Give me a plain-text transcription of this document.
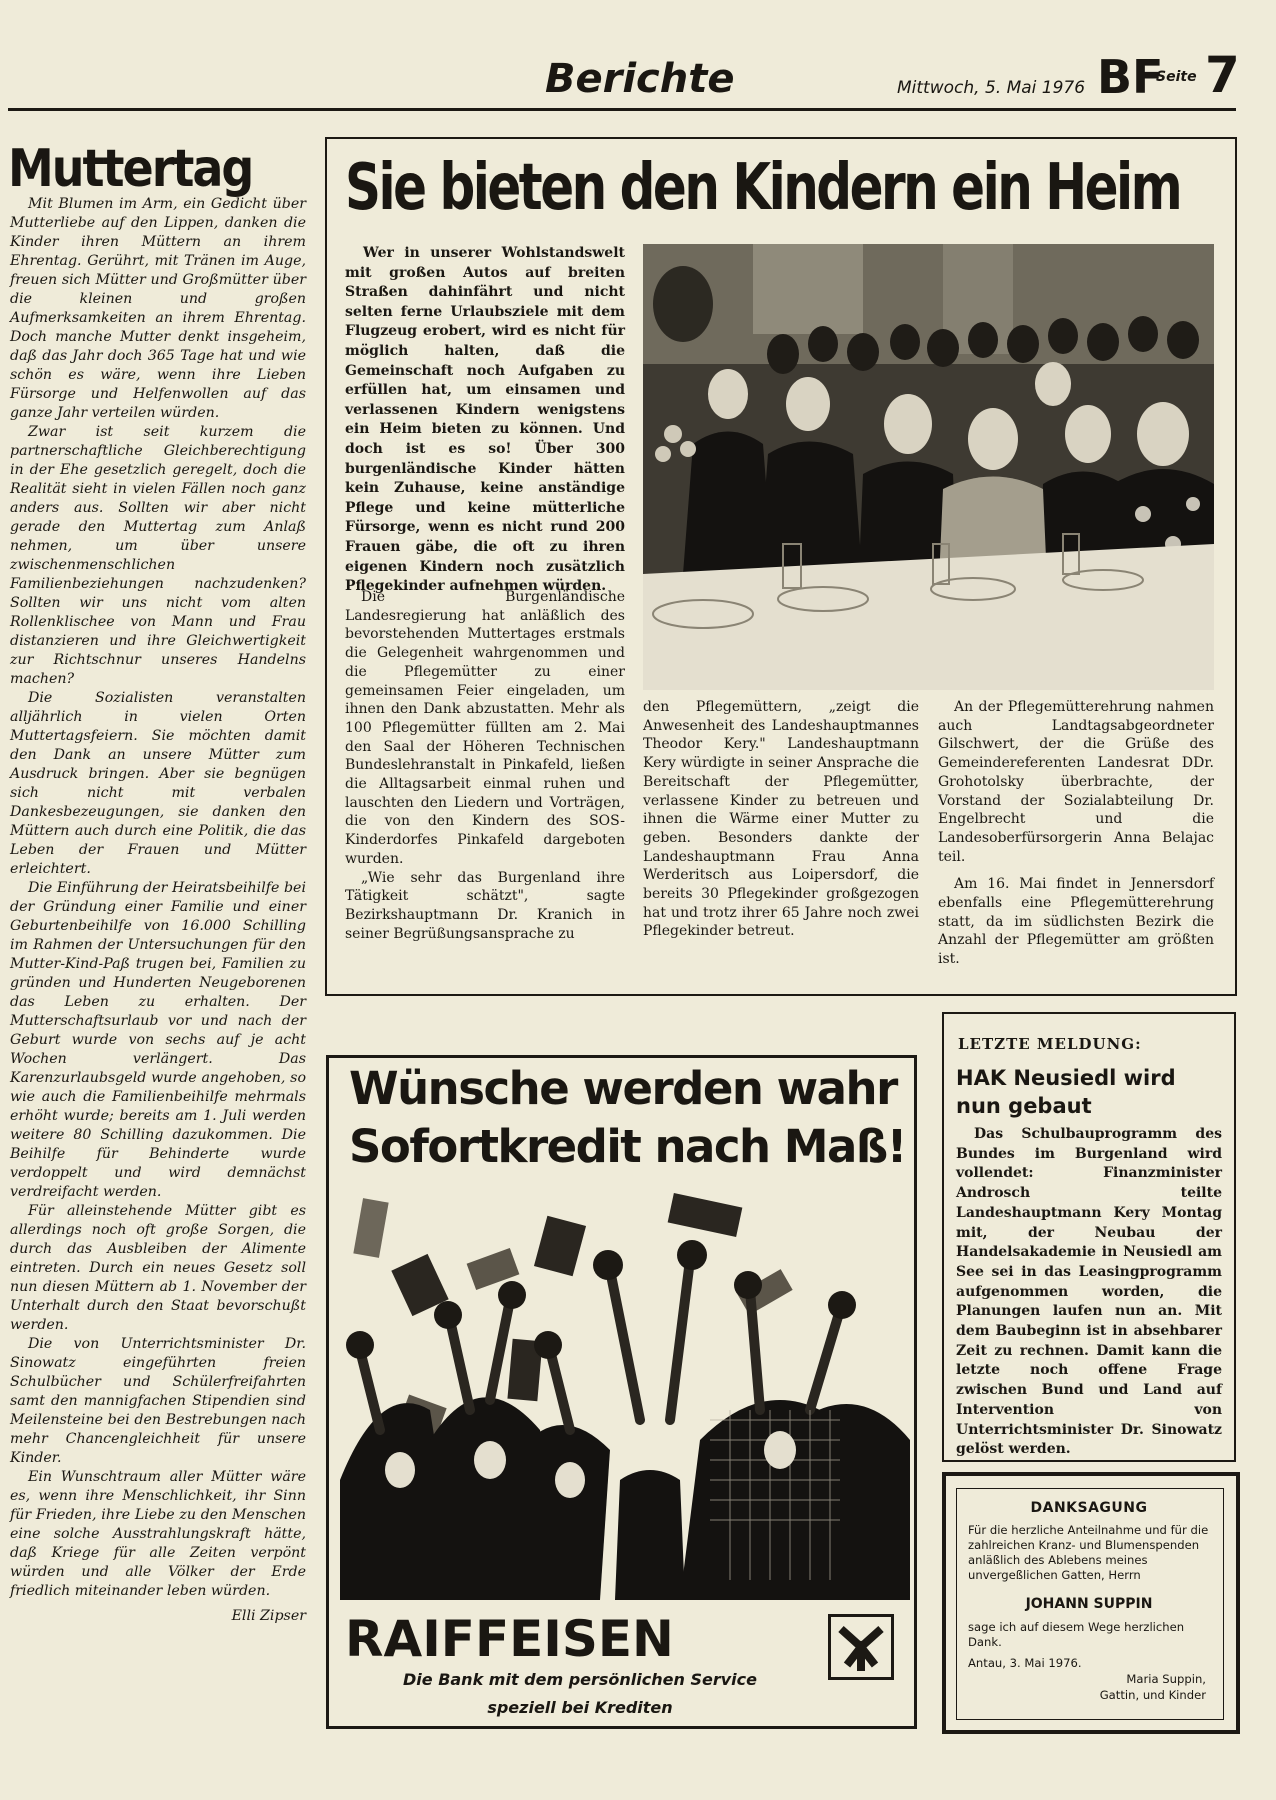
Berichte	Mittwoch, 5. Mai 1976 BF
Seite 7
Muttertag

Mit Blumen im Arm, ein Gedicht über Mutterliebe auf den Lippen, danken die Kinder ihren Müttern an ihrem Ehrentag. Gerührt, mit Tränen im Auge, freuen sich Mütter und Großmütter über die kleinen und großen Aufmerksamkeiten an ihrem Ehrentag. Doch manche Mutter denkt insgeheim, daß das Jahr doch 365 Tage hat und wie schön es wäre, wenn ihre Lieben Fürsorge und Helfenwollen auf das ganze Jahr verteilen würden.

Zwar ist seit kurzem die partnerschaftliche Gleichberechtigung in der Ehe gesetzlich geregelt, doch die Realität sieht in vielen Fällen noch ganz anders aus. Sollten wir aber nicht gerade den Muttertag zum Anlaß nehmen, um über unsere zwischenmenschlichen Familienbeziehungen nachzudenken? Sollten wir uns nicht vom alten Rollenklischee von Mann und Frau distanzieren und ihre Gleichwertigkeit zur Richtschnur unseres Handelns machen?

Die Sozialisten veranstalten alljährlich in vielen Orten Muttertagsfeiern. Sie möchten damit den Dank an unsere Mütter zum Ausdruck bringen. Aber sie begnügen sich nicht mit verbalen Dankesbezeugungen, sie danken den Müttern auch durch eine Politik, die das Leben der Frauen und Mütter erleichtert.

Die Einführung der Heiratsbeihilfe bei der Gründung einer Familie und einer Geburtenbeihilfe von 16.000 Schilling im Rahmen der Untersuchungen für den Mutter-Kind-Paß trugen bei, Familien zu gründen und Hunderten Neugeborenen das Leben zu erhalten. Der Mutterschaftsurlaub vor und nach der Geburt wurde von sechs auf je acht Wochen verlängert. Das Karenzurlaubsgeld wurde angehoben, so wie auch die Familienbeihilfe mehrmals erhöht wurde; bereits am 1. Juli werden weitere 80 Schilling dazukommen. Die Beihilfe für Behinderte wurde verdoppelt und wird demnächst verdreifacht werden.

Für alleinstehende Mütter gibt es allerdings noch oft große Sorgen, die durch das Ausbleiben der Alimente eintreten. Durch ein neues Gesetz soll nun diesen Müttern ab 1. November der Unterhalt durch den Staat bevorschußt werden.

Die von Unterrichtsminister Dr. Sinowatz eingeführten freien Schulbücher und Schülerfreifahrten samt den mannigfachen Stipendien sind Meilensteine bei den Bestrebungen nach mehr Chancengleichheit für unsere Kinder.

Ein Wunschtraum aller Mütter wäre es, wenn ihre Menschlichkeit, ihr Sinn für Frieden, ihre Liebe zu den Menschen eine solche Ausstrahlungskraft hätte, daß Kriege für alle Zeiten verpönt würden und alle Völker der Erde friedlich miteinander leben würden.

Elli Zipser

Sie bieten den Kindern ein Heim

Wer in unserer Wohlstandswelt mit großen Autos auf breiten Straßen dahinfährt und nicht selten ferne Urlaubsziele mit dem Flugzeug erobert, wird es nicht für möglich halten, daß die Gemeinschaft noch Aufgaben zu erfüllen hat, um einsamen und verlassenen Kindern wenigstens ein Heim bieten zu können. Und doch ist es so! Über 300 burgenländische Kinder hätten kein Zuhause, keine anständige Pflege und keine mütterliche Fürsorge, wenn es nicht rund 200 Frauen gäbe, die oft zu ihren eigenen Kindern noch zusätzlich Pflegekinder aufnehmen würden.

Die Burgenländische Landesregierung hat anläßlich des bevorstehenden Muttertages erstmals die Gelegenheit wahrgenommen und die Pflegemütter zu einer gemeinsamen Feier eingeladen, um ihnen den Dank abzustatten. Mehr als 100 Pflegemütter füllten am 2. Mai den Saal der Höheren Technischen Bundeslehranstalt in Pinkafeld, ließen die Alltagsarbeit einmal ruhen und lauschten den Liedern und Vorträgen, die von den Kindern des SOS-Kinderdorfes Pinkafeld dargeboten wurden.

„Wie sehr das Burgenland ihre Tätigkeit schätzt", sagte Bezirkshauptmann Dr. Kranich in seiner Begrüßungsansprache zu

den Pflegemüttern, „zeigt die Anwesenheit des Landeshauptmannes Theodor Kery." Landeshauptmann Kery würdigte in seiner Ansprache die Bereitschaft der Pflegemütter, verlassene Kinder zu betreuen und ihnen die Wärme einer Mutter zu geben. Besonders dankte der Landeshauptmann Frau Anna Werderitsch aus Loipersdorf, die bereits 30 Pflegekinder großgezogen hat und trotz ihrer 65 Jahre noch zwei Pflegekinder betreut.

An der Pflegemütterehrung nahmen auch Landtagsabgeordneter Gilschwert, der die Grüße des Gemeindereferenten Landesrat DDr. Grohotolsky überbrachte, der Vorstand der Sozialabteilung Dr. Engelbrecht und die Landesoberfürsorgerin Anna Belajac teil.

Am 16. Mai findet in Jennersdorf ebenfalls eine Pflegemütterehrung statt, da im südlichsten Bezirk die Anzahl der Pflegemütter am größten ist.

Wünsche werden wahr
Sofortkredit nach Maß!
RAIFFEISEN
Die Bank mit dem persönlichen Service
speziell bei Krediten
LETZTE MELDUNG:
HAK Neusiedl wird nun gebaut

Das Schulbauprogramm des Bundes im Burgenland wird vollendet: Finanzminister Androsch teilte Landeshauptmann Kery Montag mit, der Neubau der Handelsakademie in Neusiedl am See sei in das Leasingprogramm aufgenommen worden, die Planungen laufen nun an. Mit dem Baubeginn ist in absehbarer Zeit zu rechnen. Damit kann die letzte noch offene Frage zwischen Bund und Land auf Intervention von Unterrichtsminister Dr. Sinowatz gelöst werden.

DANKSAGUNG
Für die herzliche Anteilnahme und für die zahlreichen Kranz- und Blumenspenden anläßlich des Ablebens meines unvergeßlichen Gatten, Herrn
JOHANN SUPPIN
sage ich auf diesem Wege herzlichen Dank.
Antau, 3. Mai 1976.
Maria Suppin,
Gattin, und Kinder
